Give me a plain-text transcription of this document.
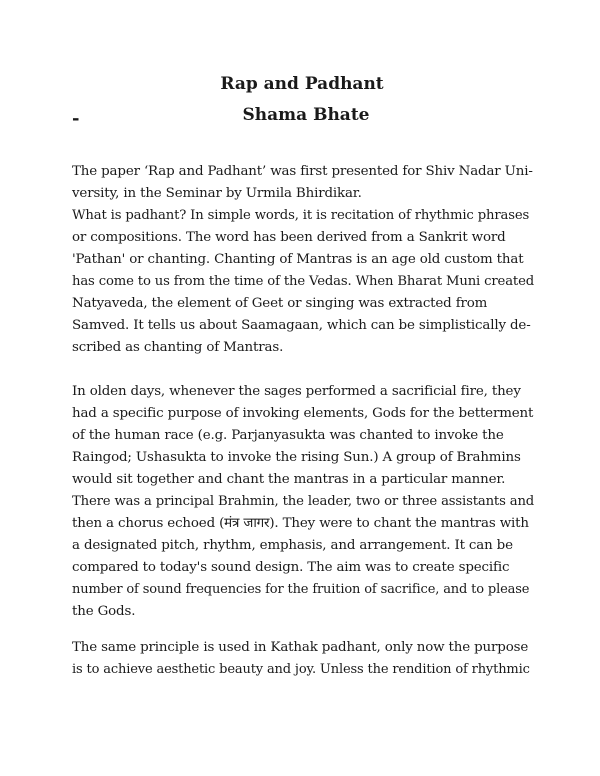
Rap and Padhant
-	Shama Bhate
The paper ‘Rap and Padhant’ was first presented for Shiv Nadar Uni-
versity, in the Seminar by Urmila Bhirdikar.
What is padhant? In simple words, it is recitation of rhythmic phrases
or compositions. The word has been derived from a Sankrit word
'Pathan' or chanting. Chanting of Mantras is an age old custom that
has come to us from the time of the Vedas. When Bharat Muni created
Natyaveda, the element of Geet or singing was extracted from
Samved. It tells us about Saamagaan, which can be simplistically de-
scribed as chanting of Mantras.
In olden days, whenever the sages performed a sacrificial fire, they
had a specific purpose of invoking elements, Gods for the betterment
of the human race (e.g. Parjanyasukta was chanted to invoke the
Raingod; Ushasukta to invoke the rising Sun.) A group of Brahmins
would sit together and chant the mantras in a particular manner.
There was a principal Brahmin, the leader, two or three assistants and
then a chorus echoed (मंत्र जागर). They were to chant the mantras with
a designated pitch, rhythm, emphasis, and arrangement. It can be
compared to today's sound design. The aim was to create specific
number of sound frequencies for the fruition of sacrifice, and to please
the Gods.
The same principle is used in Kathak padhant, only now the purpose
is to achieve aesthetic beauty and joy. Unless the rendition of rhythmic
